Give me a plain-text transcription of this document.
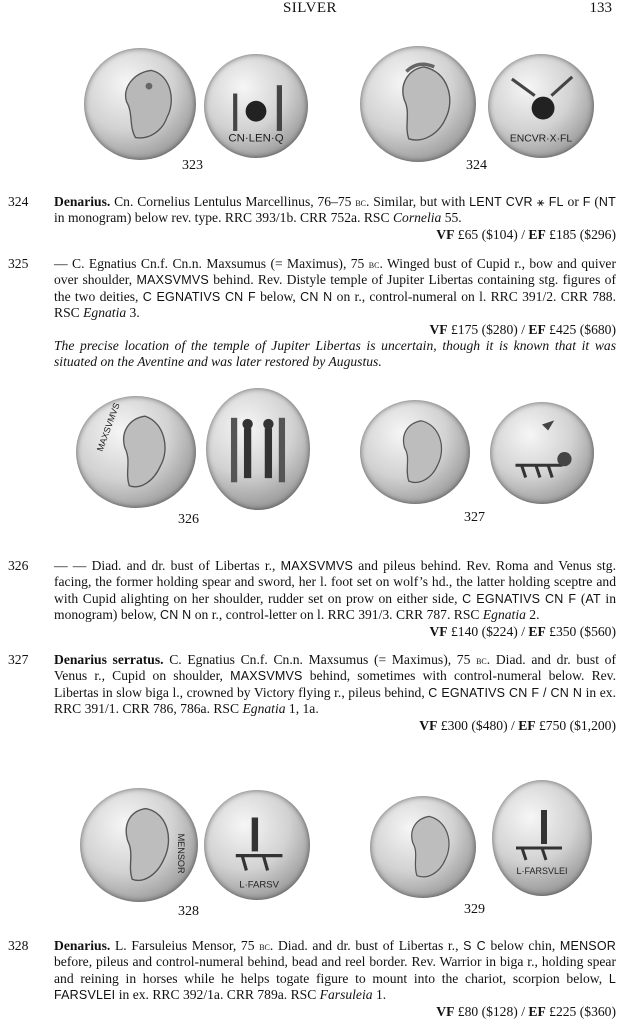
SILVER	133
CN·LEN·Q	ENCVR·X·FL
323	324
324 Denarius. Cn. Cornelius Lentulus Marcellinus, 76–75 bc. Similar, but with LENT CVR ⚹ FL or F (NT in monogram) below rev. type. RRC 393/1b. CRR 752a. RSC Cornelia 55.
VF £65 ($104) / EF £185 ($296)
325 — C. Egnatius Cn.f. Cn.n. Maxsumus (= Maximus), 75 bc. Winged bust of Cupid r., bow and quiver over shoulder, MAXSVMVS behind. Rev. Distyle temple of Jupiter Libertas containing stg. figures of the two deities, C EGNATIVS CN F below, CN N on r., control-numeral on l. RRC 391/2. CRR 788. RSC Egnatia 3.
VF £175 ($280) / EF £425 ($680)
The precise location of the temple of Jupiter Libertas is uncertain, though it is known that it was situated on the Aventine and was later restored by Augustus.
MAXSVMVS
326	327
326 — — Diad. and dr. bust of Libertas r., MAXSVMVS and pileus behind. Rev. Roma and Venus stg. facing, the former holding spear and sword, her l. foot set on wolf’s hd., the latter holding sceptre and with Cupid alighting on her shoulder, rudder set on prow on either side, C EGNATIVS CN F (AT in monogram) below, CN N on r., control-letter on l. RRC 391/3. CRR 787. RSC Egnatia 2.
VF £140 ($224) / EF £350 ($560)
327 Denarius serratus. C. Egnatius Cn.f. Cn.n. Maxsumus (= Maximus), 75 bc. Diad. and dr. bust of Venus r., Cupid on shoulder, MAXSVMVS behind, sometimes with control-numeral below. Rev. Libertas in slow biga l., crowned by Victory flying r., pileus behind, C EGNATIVS CN F / CN N in ex. RRC 391/1. CRR 786, 786a. RSC Egnatia 1, 1a.
VF £300 ($480) / EF £750 ($1,200)
MENSOR
L·FARSV
L·FARSVLEI
328	329
328 Denarius. L. Farsuleius Mensor, 75 bc. Diad. and dr. bust of Libertas r., S C below chin, MENSOR before, pileus and control-numeral behind, bead and reel border. Rev. Warrior in biga r., holding spear and reining in horses while he helps togate figure to mount into the chariot, scorpion below, L FARSVLEI in ex. RRC 392/1a. CRR 789a. RSC Farsuleia 1.
VF £80 ($128) / EF £225 ($360)
